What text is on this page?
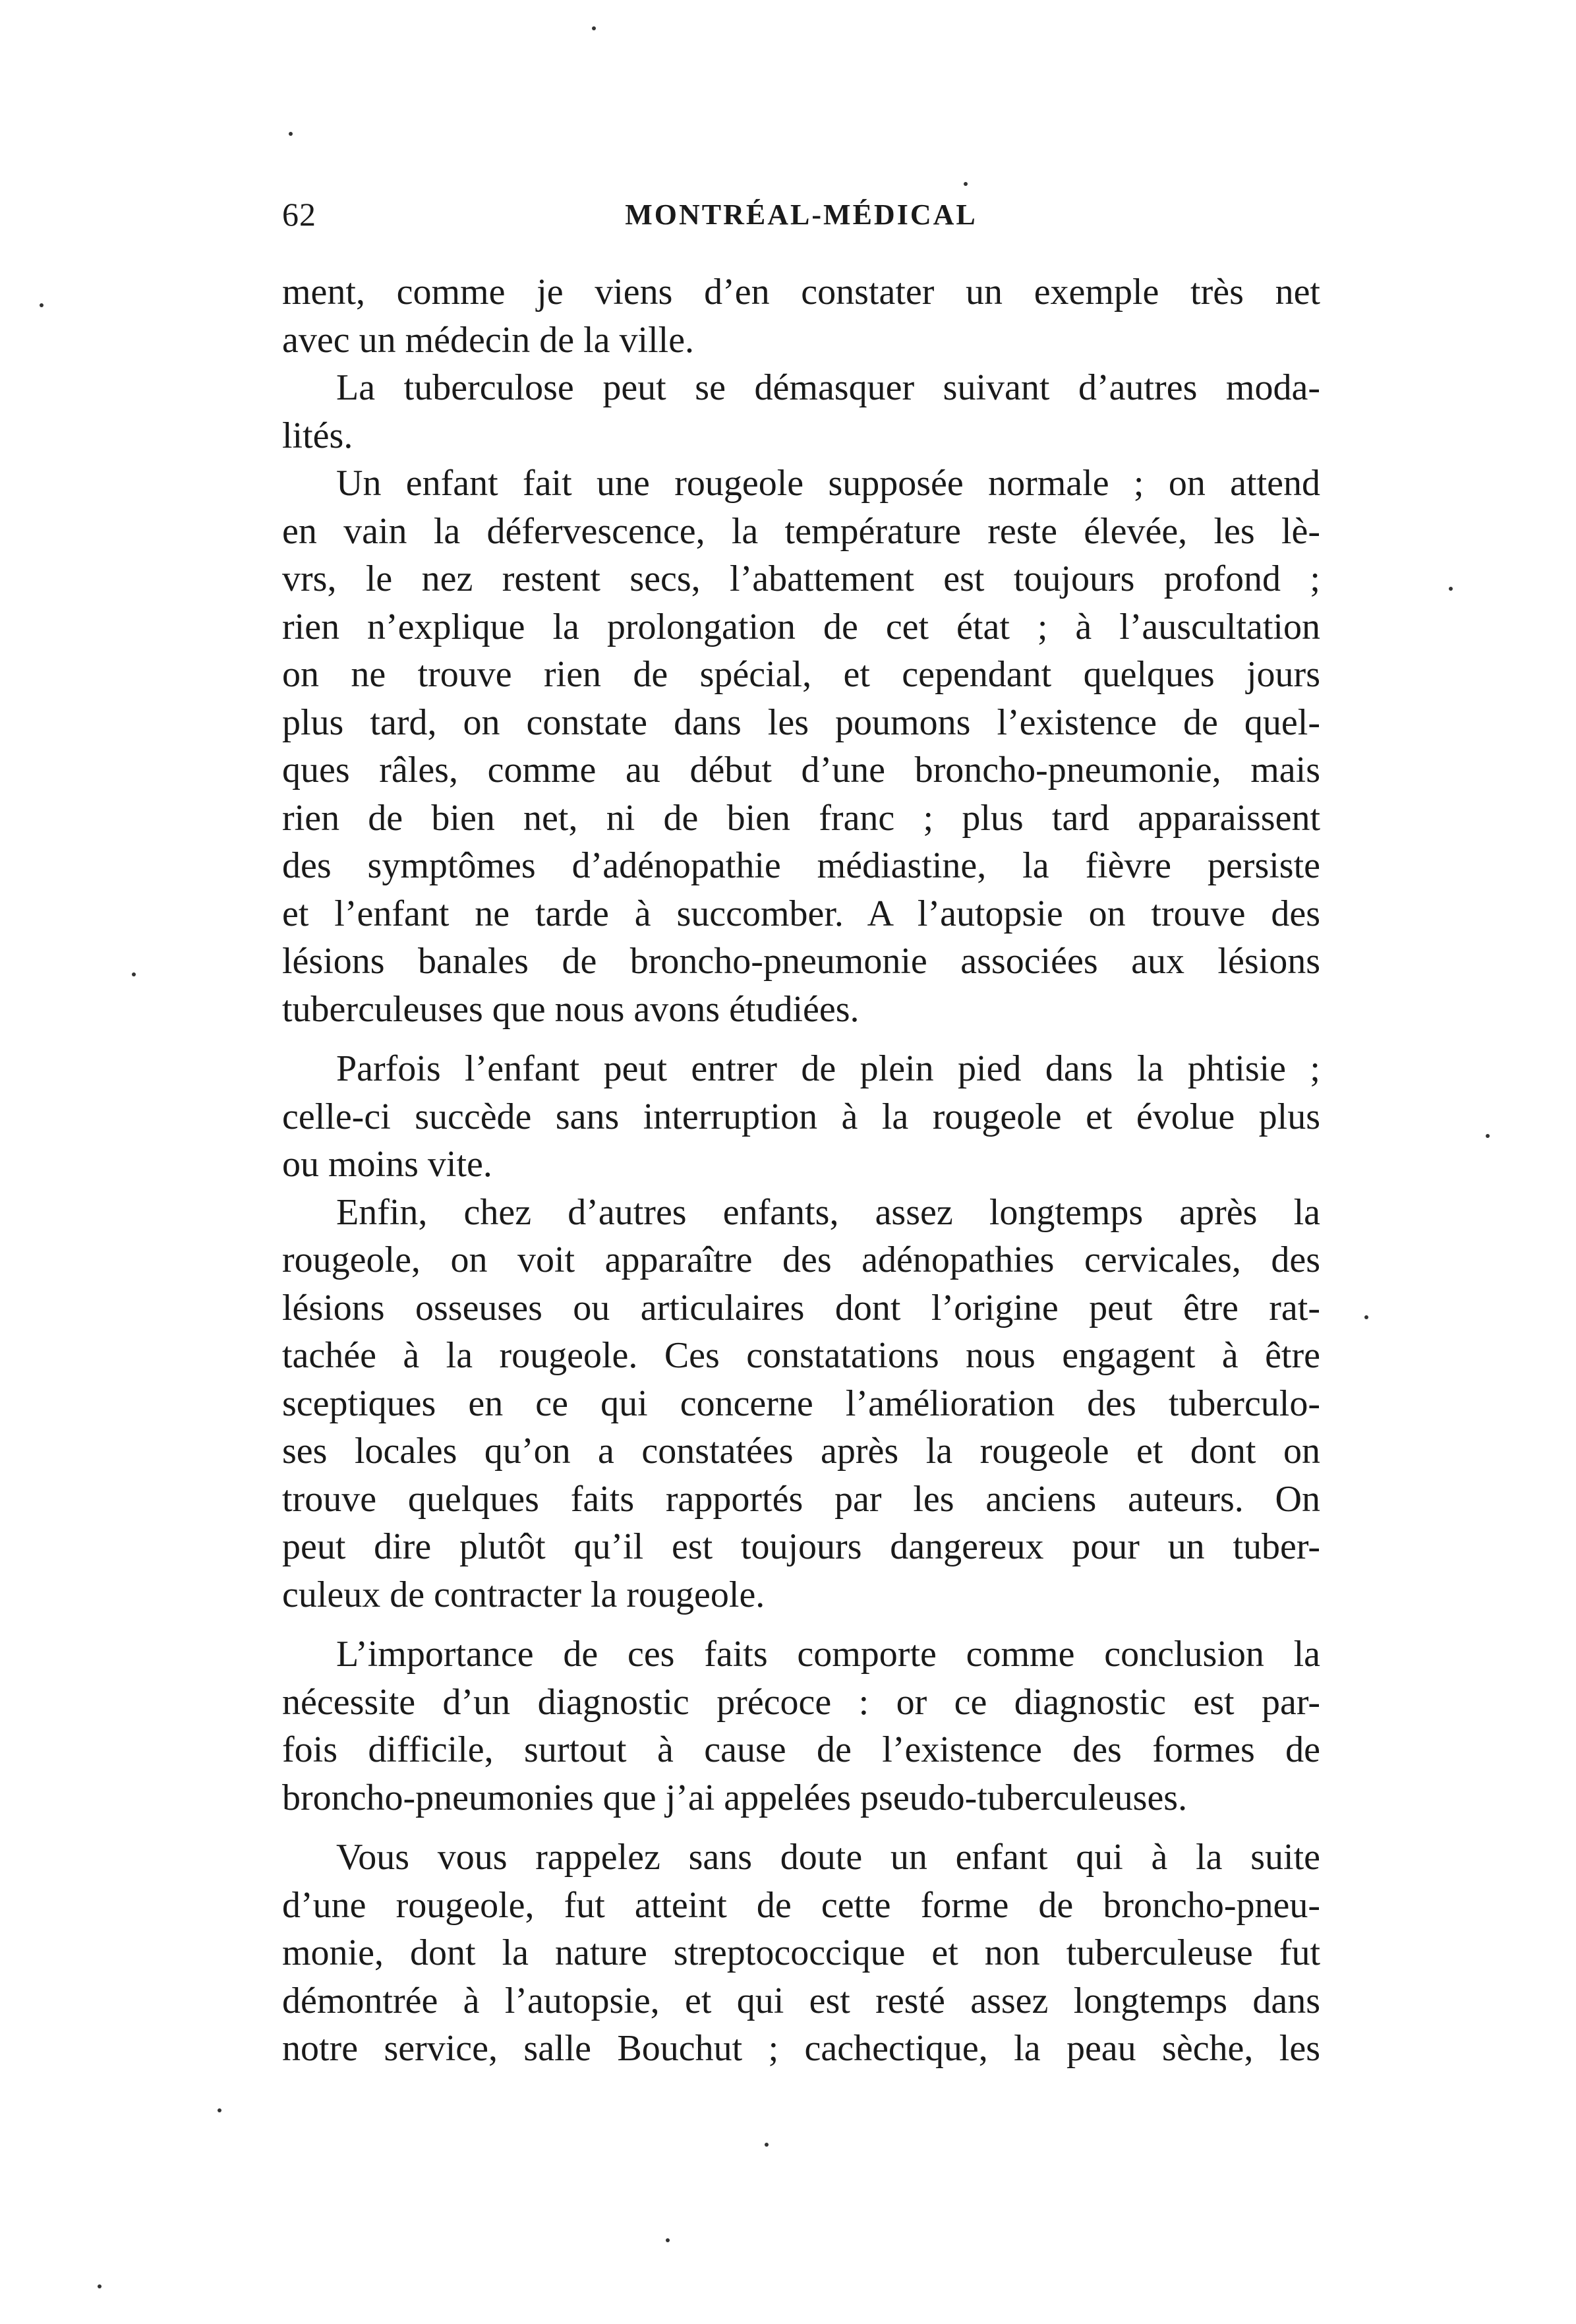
62	MONTRÉAL-MÉDICAL

ment, comme je viens d’en constater un exemple très net

avec un médecin de la ville.

La tuberculose peut se démasquer suivant d’autres moda-

lités.

Un enfant fait une rougeole supposée normale ; on attend

en vain la défervescence, la température reste élevée, les lè-

vrs, le nez restent secs, l’abattement est toujours profond ;

rien n’explique la prolongation de cet état ; à l’auscultation

on ne trouve rien de spécial, et cependant quelques jours

plus tard, on constate dans les poumons l’existence de quel-

ques râles, comme au début d’une broncho-pneumonie, mais

rien de bien net, ni de bien franc ; plus tard apparaissent

des symptômes d’adénopathie médiastine, la fièvre persiste

et l’enfant ne tarde à succomber. A l’autopsie on trouve des

lésions banales de broncho-pneumonie associées aux lésions

tuberculeuses que nous avons étudiées.

Parfois l’enfant peut entrer de plein pied dans la phtisie ;

celle-ci succède sans interruption à la rougeole et évolue plus

ou moins vite.

Enfin, chez d’autres enfants, assez longtemps après la

rougeole, on voit apparaître des adénopathies cervicales, des

lésions osseuses ou articulaires dont l’origine peut être rat-

tachée à la rougeole. Ces constatations nous engagent à être

sceptiques en ce qui concerne l’amélioration des tuberculo-

ses locales qu’on a constatées après la rougeole et dont on

trouve quelques faits rapportés par les anciens auteurs. On

peut dire plutôt qu’il est toujours dangereux pour un tuber-

culeux de contracter la rougeole.

L’importance de ces faits comporte comme conclusion la

nécessite d’un diagnostic précoce : or ce diagnostic est par-

fois difficile, surtout à cause de l’existence des formes de

broncho-pneumonies que j’ai appelées pseudo-tuberculeuses.

Vous vous rappelez sans doute un enfant qui à la suite

d’une rougeole, fut atteint de cette forme de broncho-pneu-

monie, dont la nature streptococcique et non tuberculeuse fut

démontrée à l’autopsie, et qui est resté assez longtemps dans

notre service, salle Bouchut ; cachectique, la peau sèche, les
